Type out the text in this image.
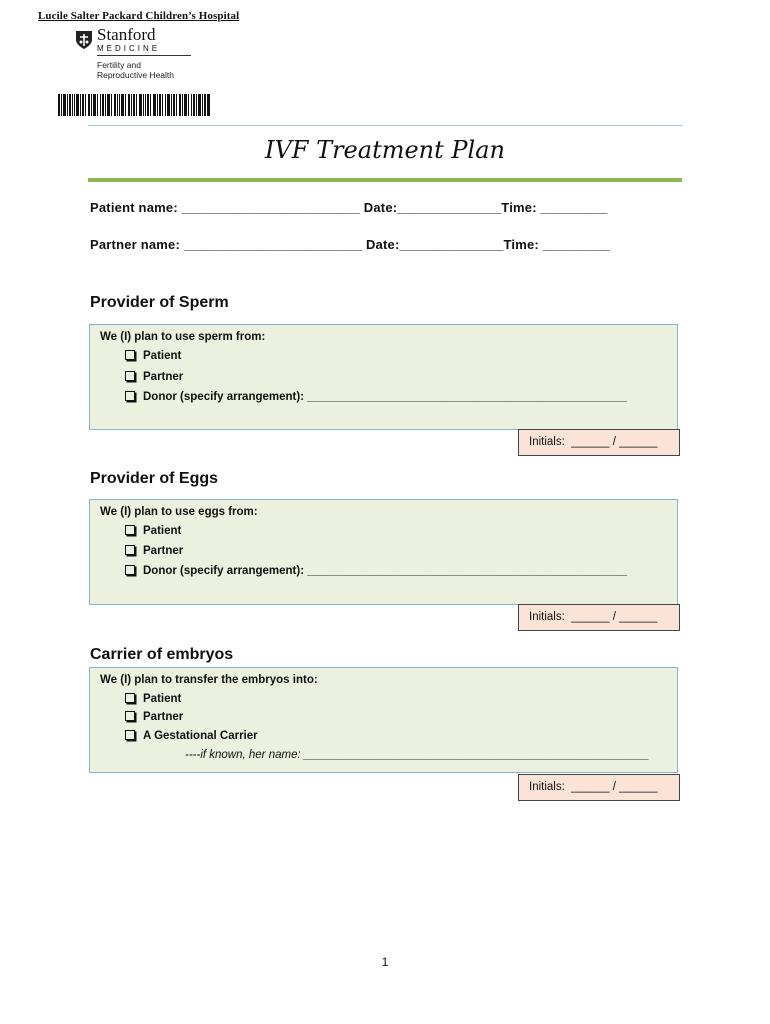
Lucile Salter Packard Children’s Hospital
Stanford
MEDICINE
Fertility and
Reproductive Health
IVF Treatment Plan
Patient name: ________________________ Date:______________Time: _________
Partner name: ________________________ Date:______________Time: _________
Provider of Sperm
We (I) plan to use sperm from:
Patient
Partner
Donor (specify arrangement): __________________________________________________
Initials:  ______ / ______
Provider of Eggs
We (I) plan to use eggs from:
Patient
Partner
Donor (specify arrangement): __________________________________________________
Initials:  ______ / ______
Carrier of embryos
We (I) plan to transfer the embryos into:
Patient
Partner
A Gestational Carrier
----if known, her name: ______________________________________________________
Initials:  ______ / ______
1
